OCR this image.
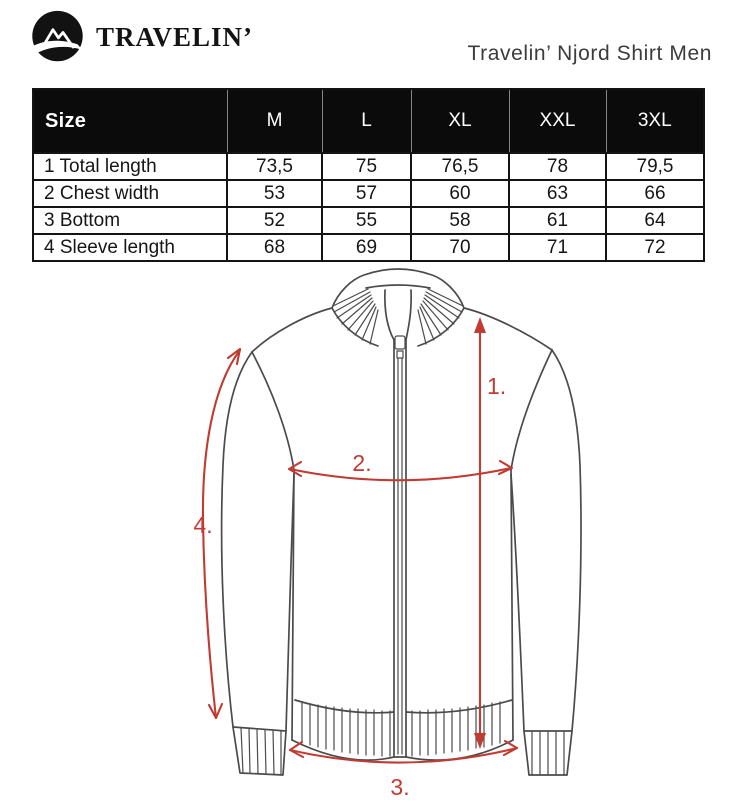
TRAVELIN’
Travelin’ Njord Shirt Men
Size	M	L	XL	XXL	3XL
1 Total length	73,5	75	76,5	78	79,5
2 Chest width	53	57	60	63	66
3 Bottom	52	55	58	61	64
4 Sleeve length	68	69	70	71	72
1.
2.
3.
4.
